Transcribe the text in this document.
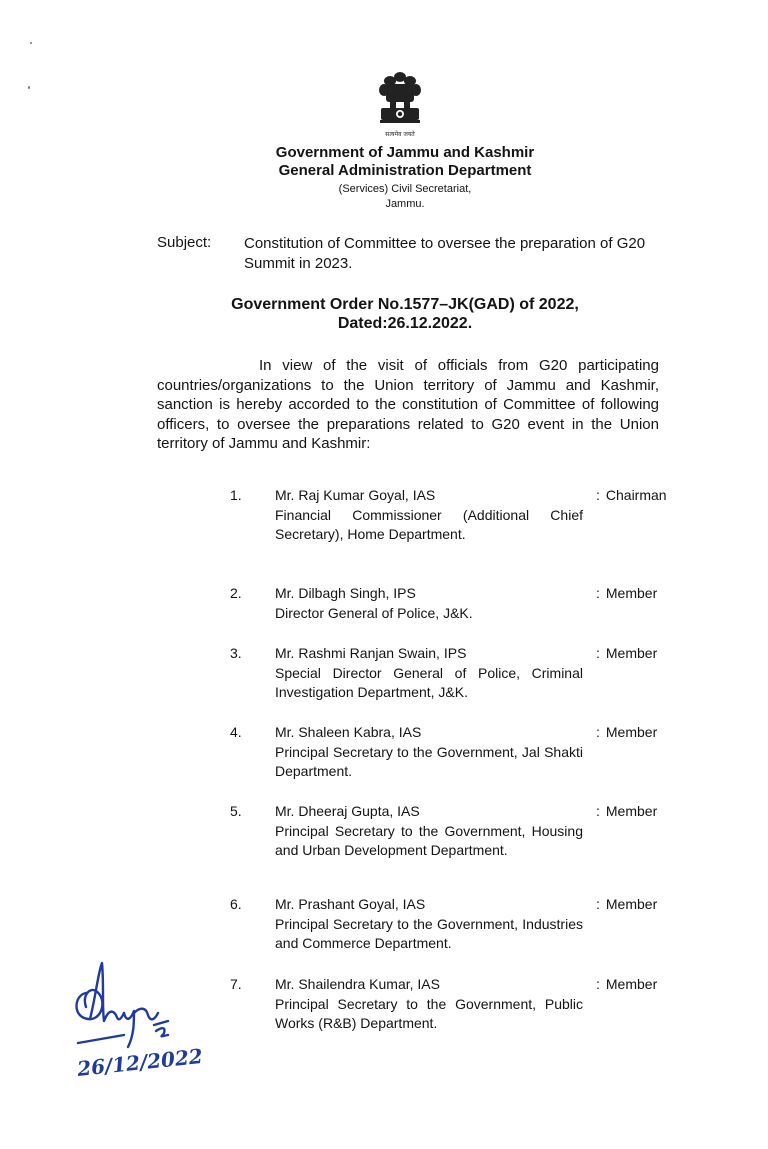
सत्यमेव जयते
Government of Jammu and Kashmir
General Administration Department
(Services) Civil Secretariat,
Jammu.
Subject: Constitution of Committee to oversee the preparation of G20 Summit in 2023.
Government Order No.1577–JK(GAD) of 2022,
Dated:26.12.2022.
In view of the visit of officials from G20 participating countries/organizations to the Union territory of Jammu and Kashmir, sanction is hereby accorded to the constitution of Committee of following officers, to oversee the preparations related to G20 event in the Union territory of Jammu and Kashmir:
1. Mr. Raj Kumar Goyal, IAS
Financial Commissioner (Additional Chief Secretary), Home Department.
: Chairman
2. Mr. Dilbagh Singh, IPS
Director General of Police, J&K.
: Member
3. Mr. Rashmi Ranjan Swain, IPS
Special Director General of Police, Criminal Investigation Department, J&K.
: Member
4. Mr. Shaleen Kabra, IAS
Principal Secretary to the Government, Jal Shakti Department.
: Member
5. Mr. Dheeraj Gupta, IAS
Principal Secretary to the Government, Housing and Urban Development Department.
: Member
6. Mr. Prashant Goyal, IAS
Principal Secretary to the Government, Industries and Commerce Department.
: Member
7. Mr. Shailendra Kumar, IAS
Principal Secretary to the Government, Public Works (R&B) Department.
: Member
26/12/2022
